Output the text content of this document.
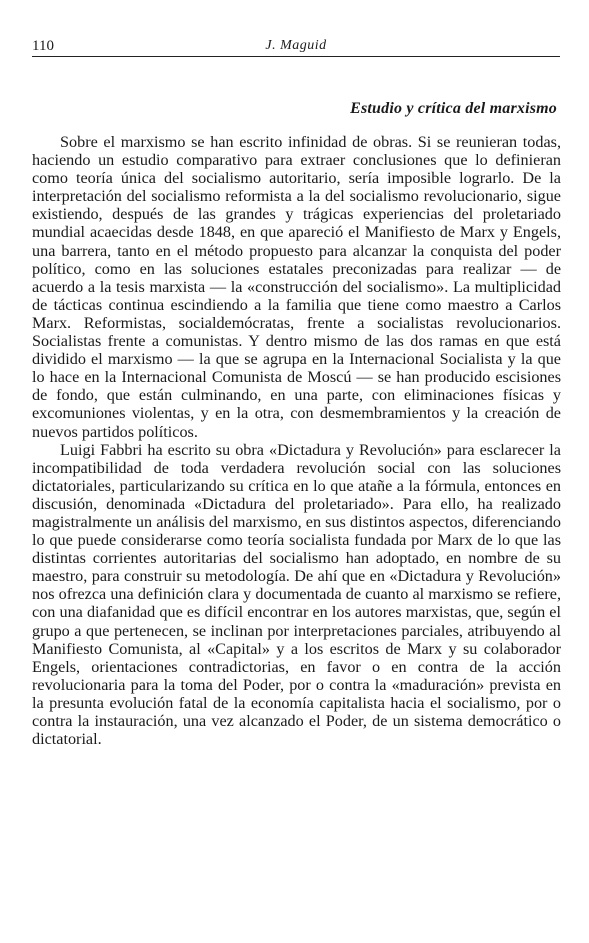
110	J. Maguid
Estudio y crítica del marxismo

Sobre el marxismo se han escrito infinidad de obras. Si se reunieran todas, haciendo un estudio comparativo para extraer conclusiones que lo definieran como teoría única del socialismo autoritario, sería imposible lograrlo. De la interpretación del socialismo reformista a la del socialismo revolucionario, sigue existiendo, después de las grandes y trágicas experiencias del proletariado mundial acaecidas desde 1848, en que apareció el Manifiesto de Marx y Engels, una barrera, tanto en el método propuesto para alcanzar la conquista del poder político, como en las soluciones estatales preconizadas para realizar — de acuerdo a la tesis marxista — la «construcción del socialismo». La multiplicidad de tácticas continua escindiendo a la familia que tiene como maestro a Carlos Marx. Reformistas, socialdemócratas, frente a socialistas revolucionarios. Socialistas frente a comunistas. Y dentro mismo de las dos ramas en que está dividido el marxismo — la que se agrupa en la Internacional Socialista y la que lo hace en la Internacional Comunista de Moscú — se han producido escisiones de fondo, que están culminando, en una parte, con eliminaciones físicas y excomuniones violentas, y en la otra, con desmembramientos y la creación de nuevos partidos políticos.

Luigi Fabbri ha escrito su obra «Dictadura y Revolución» para esclarecer la incompatibilidad de toda verdadera revolución social con las soluciones dictatoriales, particularizando su crítica en lo que atañe a la fórmula, entonces en discusión, denominada «Dictadura del proletariado». Para ello, ha realizado magistralmente un análisis del marxismo, en sus distintos aspectos, diferenciando lo que puede considerarse como teoría socialista fundada por Marx de lo que las distintas corrientes autoritarias del socialismo han adoptado, en nombre de su maestro, para construir su metodología. De ahí que en «Dictadura y Revolución» nos ofrezca una definición clara y documentada de cuanto al marxismo se refiere, con una diafanidad que es difícil encontrar en los autores marxistas, que, según el grupo a que pertenecen, se inclinan por interpretaciones parciales, atribuyendo al Manifiesto Comunista, al «Capital» y a los escritos de Marx y su colaborador Engels, orientaciones contradictorias, en favor o en contra de la acción revolucionaria para la toma del Poder, por o contra la «maduración» prevista en la presunta evolución fatal de la economía capitalista hacia el socialismo, por o contra la instauración, una vez alcanzado el Poder, de un sistema democrático o dictatorial.
